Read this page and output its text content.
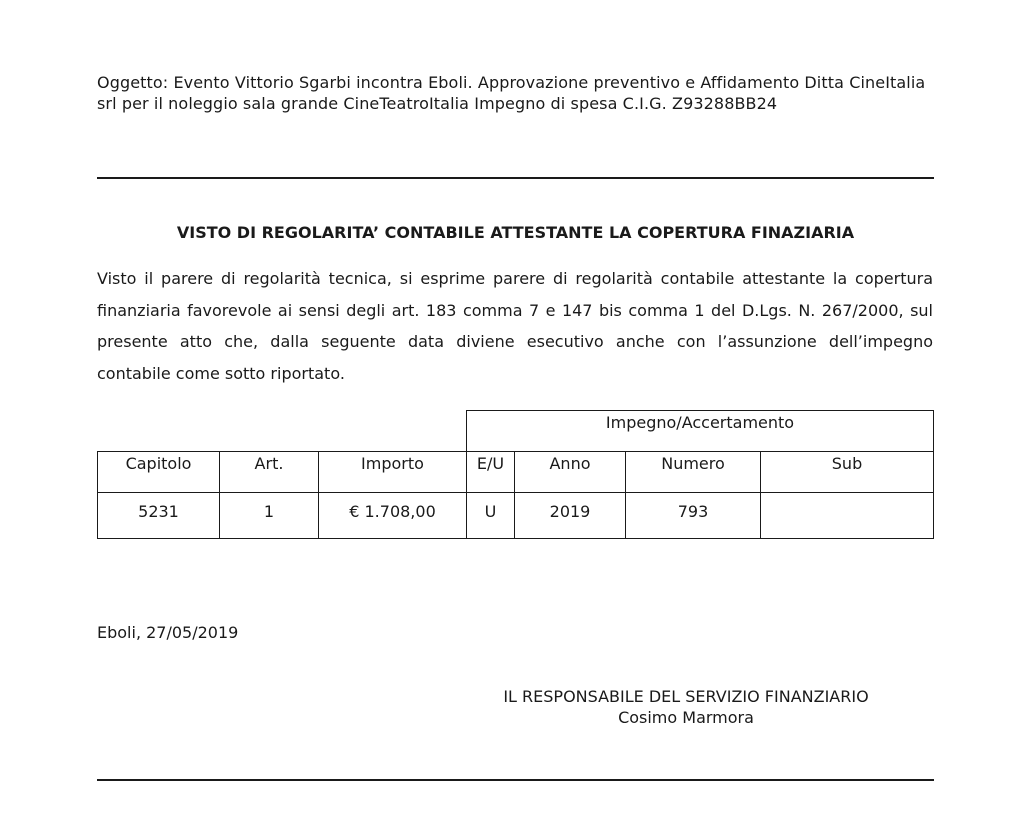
Oggetto: Evento Vittorio Sgarbi incontra Eboli. Approvazione preventivo e Affidamento Ditta CineItalia srl per il noleggio sala grande CineTeatroItalia Impegno di spesa C.I.G. Z93288BB24
VISTO DI REGOLARITA’ CONTABILE ATTESTANTE LA COPERTURA FINAZIARIA
Visto il parere di regolarità tecnica, si esprime parere di regolarità contabile attestante la copertura finanziaria favorevole ai sensi degli art. 183 comma 7 e 147 bis comma 1 del D.Lgs. N. 267/2000, sul presente atto che, dalla seguente data diviene esecutivo anche con l’assunzione dell’impegno contabile come sotto riportato.
			Impegno/Accertamento			
Capitolo	Art.	Importo	E/U	Anno	Numero	Sub
5231	1	€ 1.708,00	U	2019	793	
Eboli, 27/05/2019
IL RESPONSABILE DEL SERVIZIO FINANZIARIO
Cosimo Marmora
